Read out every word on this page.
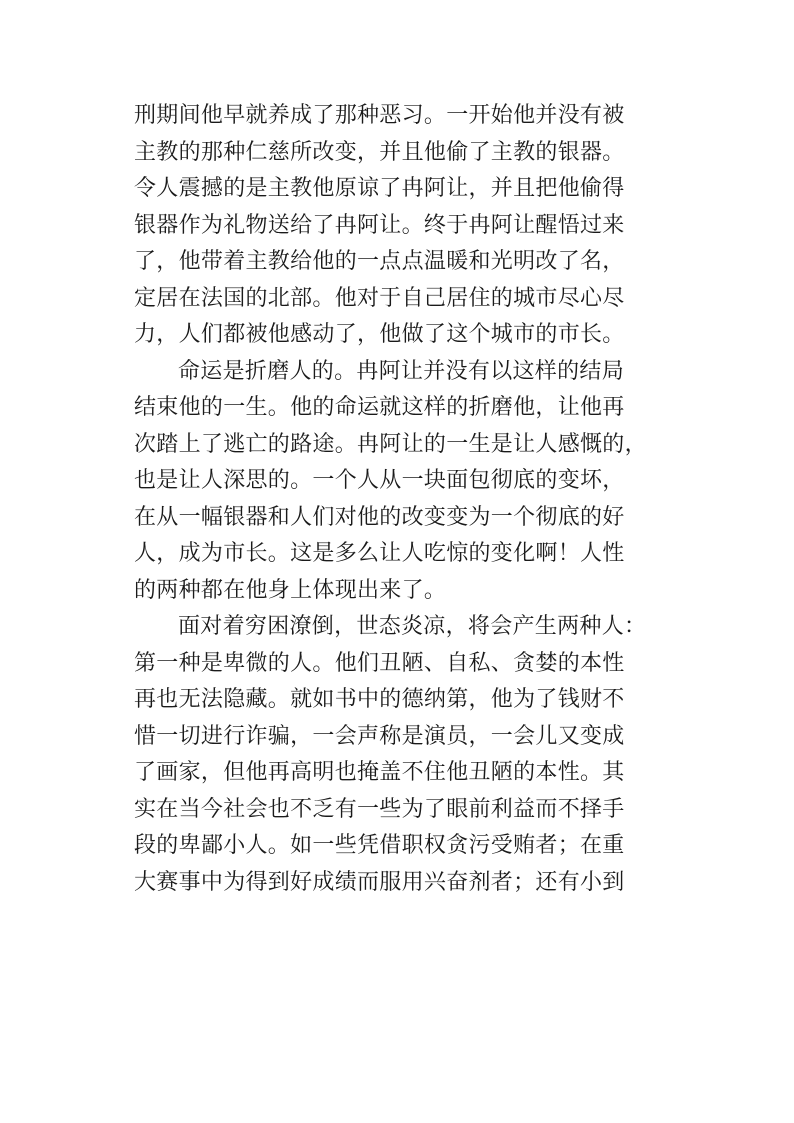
刑期间他早就养成了那种恶习。一开始他并没有被
主教的那种仁慈所改变，并且他偷了主教的银器。
令人震撼的是主教他原谅了冉阿让，并且把他偷得
银器作为礼物送给了冉阿让。终于冉阿让醒悟过来
了，他带着主教给他的一点点温暖和光明改了名，
定居在法国的北部。他对于自己居住的城市尽心尽
力，人们都被他感动了，他做了这个城市的市长。
命运是折磨人的。冉阿让并没有以这样的结局
结束他的一生。他的命运就这样的折磨他，让他再
次踏上了逃亡的路途。冉阿让的一生是让人感慨的，
也是让人深思的。一个人从一块面包彻底的变坏，
在从一幅银器和人们对他的改变变为一个彻底的好
人，成为市长。这是多么让人吃惊的变化啊！人性
的两种都在他身上体现出来了。
面对着穷困潦倒，世态炎凉，将会产生两种人：
第一种是卑微的人。他们丑陋、自私、贪婪的本性
再也无法隐藏。就如书中的德纳第，他为了钱财不
惜一切进行诈骗，一会声称是演员，一会儿又变成
了画家，但他再高明也掩盖不住他丑陋的本性。其
实在当今社会也不乏有一些为了眼前利益而不择手
段的卑鄙小人。如一些凭借职权贪污受贿者；在重
大赛事中为得到好成绩而服用兴奋剂者；还有小到
